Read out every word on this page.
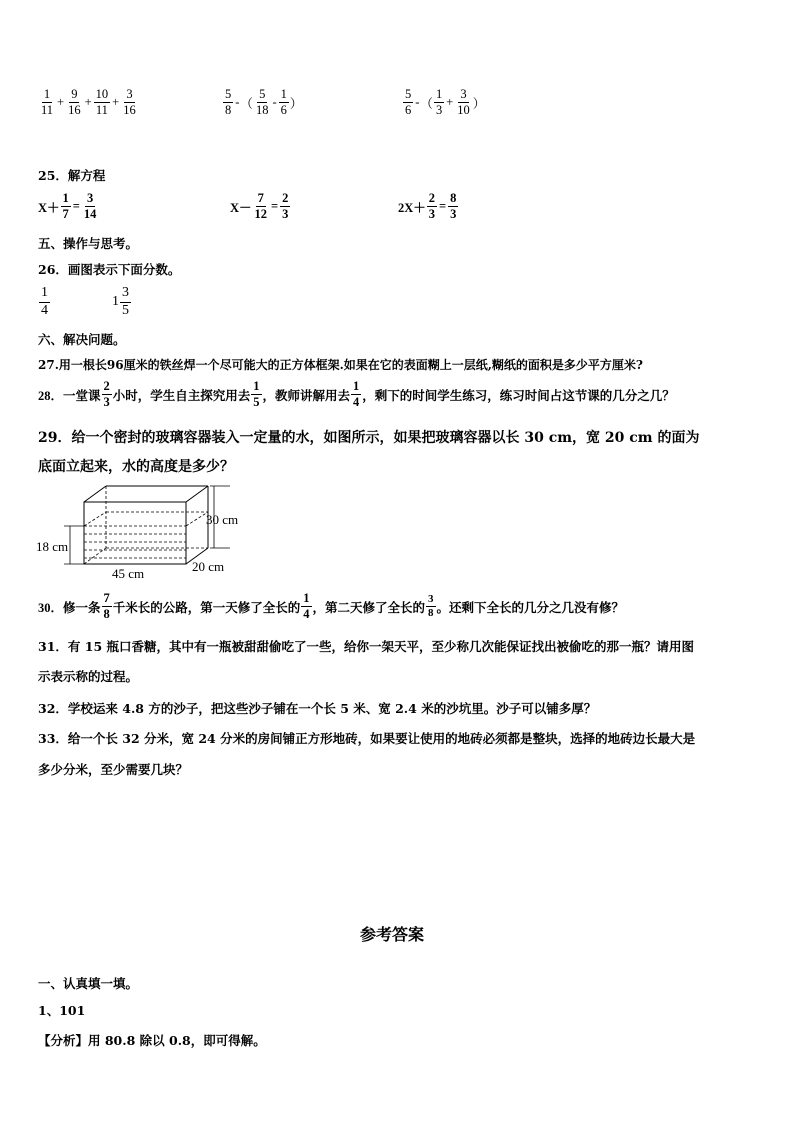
$\frac{1}{11} + \frac{9}{16} + \frac{10}{11} + \frac{3}{16}$	$\frac{5}{8}$ - （ $\frac{5}{18} - \frac{1}{6}$ ）	$\frac{5}{6}$ - （ $\frac{1}{3} + \frac{3}{10}$ ）
25．解方程
$X+ \frac{1}{7} = \frac{3}{14}$	$X- \frac{7}{12} = \frac{2}{3}$	$2X+ \frac{2}{3} = \frac{8}{3}$
五、操作与思考。
26．画图表示下面分数。
$\frac{1}{4}$	$1 \frac{3}{5}$
六、解决问题。
27.用一根长96厘米的铁丝焊一个尽可能大的正方体框架.如果在它的表面糊上一层纸,糊纸的面积是多少平方厘米?
28．一堂课 $\frac{2}{3}$ 小时，学生自主探究用去 $\frac{1}{5}$ ，教师讲解用去 $\frac{1}{4}$ ，剩下的时间学生练习，练习时间占这节课的几分之几？
29．给一个密封的玻璃容器装入一定量的水，如图所示，如果把玻璃容器以长 30 cm，宽 20 cm 的面为
底面立起来，水的高度是多少？
30 cm
18 cm
45 cm	20 cm
30．修一条 $\frac{7}{8}$ 千米长的公路，第一天修了全长的 $\frac{1}{4}$ ，第二天修了全长的 $\frac{3}{8}$ 。还剩下全长的几分之几没有修？
31．有 15 瓶口香糖，其中有一瓶被甜甜偷吃了一些，给你一架天平，至少称几次能保证找出被偷吃的那一瓶？请用图
示表示称的过程。
32．学校运来 4.8 方的沙子，把这些沙子铺在一个长 5 米、宽 2.4 米的沙坑里。沙子可以铺多厚？
33．给一个长 32 分米，宽 24 分米的房间铺正方形地砖，如果要让使用的地砖必须都是整块，选择的地砖边长最大是
多少分米，至少需要几块？
参考答案
一、认真填一填。
1、101
【分析】用 80.8 除以 0.8，即可得解。
